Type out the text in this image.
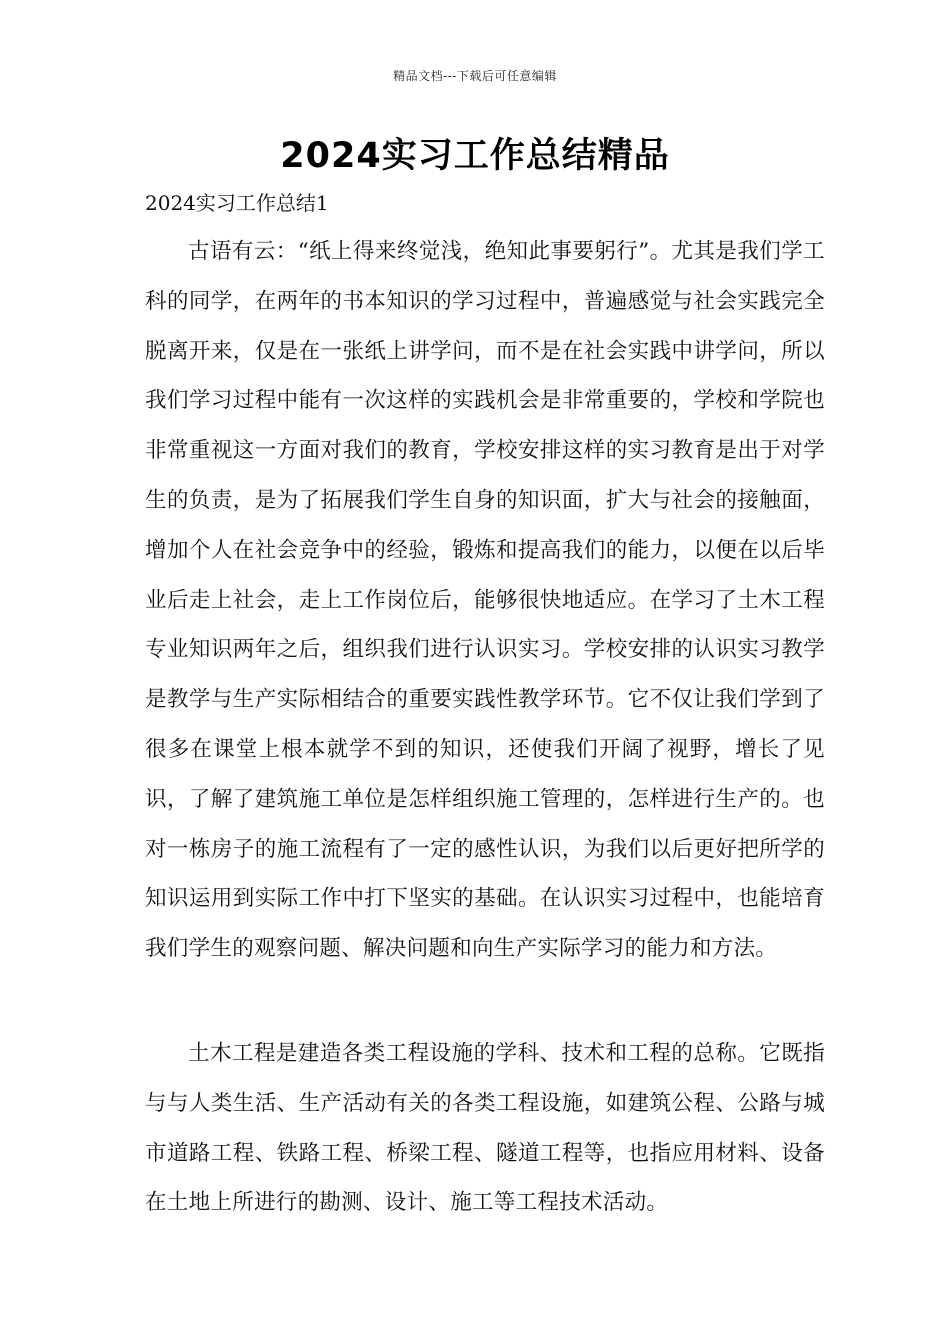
精品文档---下载后可任意编辑
2024实习工作总结精品
2024实习工作总结1

古语有云：“纸上得来终觉浅，绝知此事要躬行”。尤其是我们学工科的同学，在两年的书本知识的学习过程中，普遍感觉与社会实践完全脱离开来，仅是在一张纸上讲学问，而不是在社会实践中讲学问，所以我们学习过程中能有一次这样的实践机会是非常重要的，学校和学院也非常重视这一方面对我们的教育，学校安排这样的实习教育是出于对学生的负责，是为了拓展我们学生自身的知识面，扩大与社会的接触面，增加个人在社会竞争中的经验，锻炼和提高我们的能力，以便在以后毕业后走上社会，走上工作岗位后，能够很快地适应。在学习了土木工程专业知识两年之后，组织我们进行认识实习。学校安排的认识实习教学是教学与生产实际相结合的重要实践性教学环节。它不仅让我们学到了很多在课堂上根本就学不到的知识，还使我们开阔了视野，增长了见识，了解了建筑施工单位是怎样组织施工管理的，怎样进行生产的。也对一栋房子的施工流程有了一定的感性认识，为我们以后更好把所学的知识运用到实际工作中打下坚实的基础。在认识实习过程中，也能培育我们学生的观察问题、解决问题和向生产实际学习的能力和方法。

土木工程是建造各类工程设施的学科、技术和工程的总称。它既指与与人类生活、生产活动有关的各类工程设施，如建筑公程、公路与城市道路工程、铁路工程、桥梁工程、隧道工程等，也指应用材料、设备在土地上所进行的勘测、设计、施工等工程技术活动。
